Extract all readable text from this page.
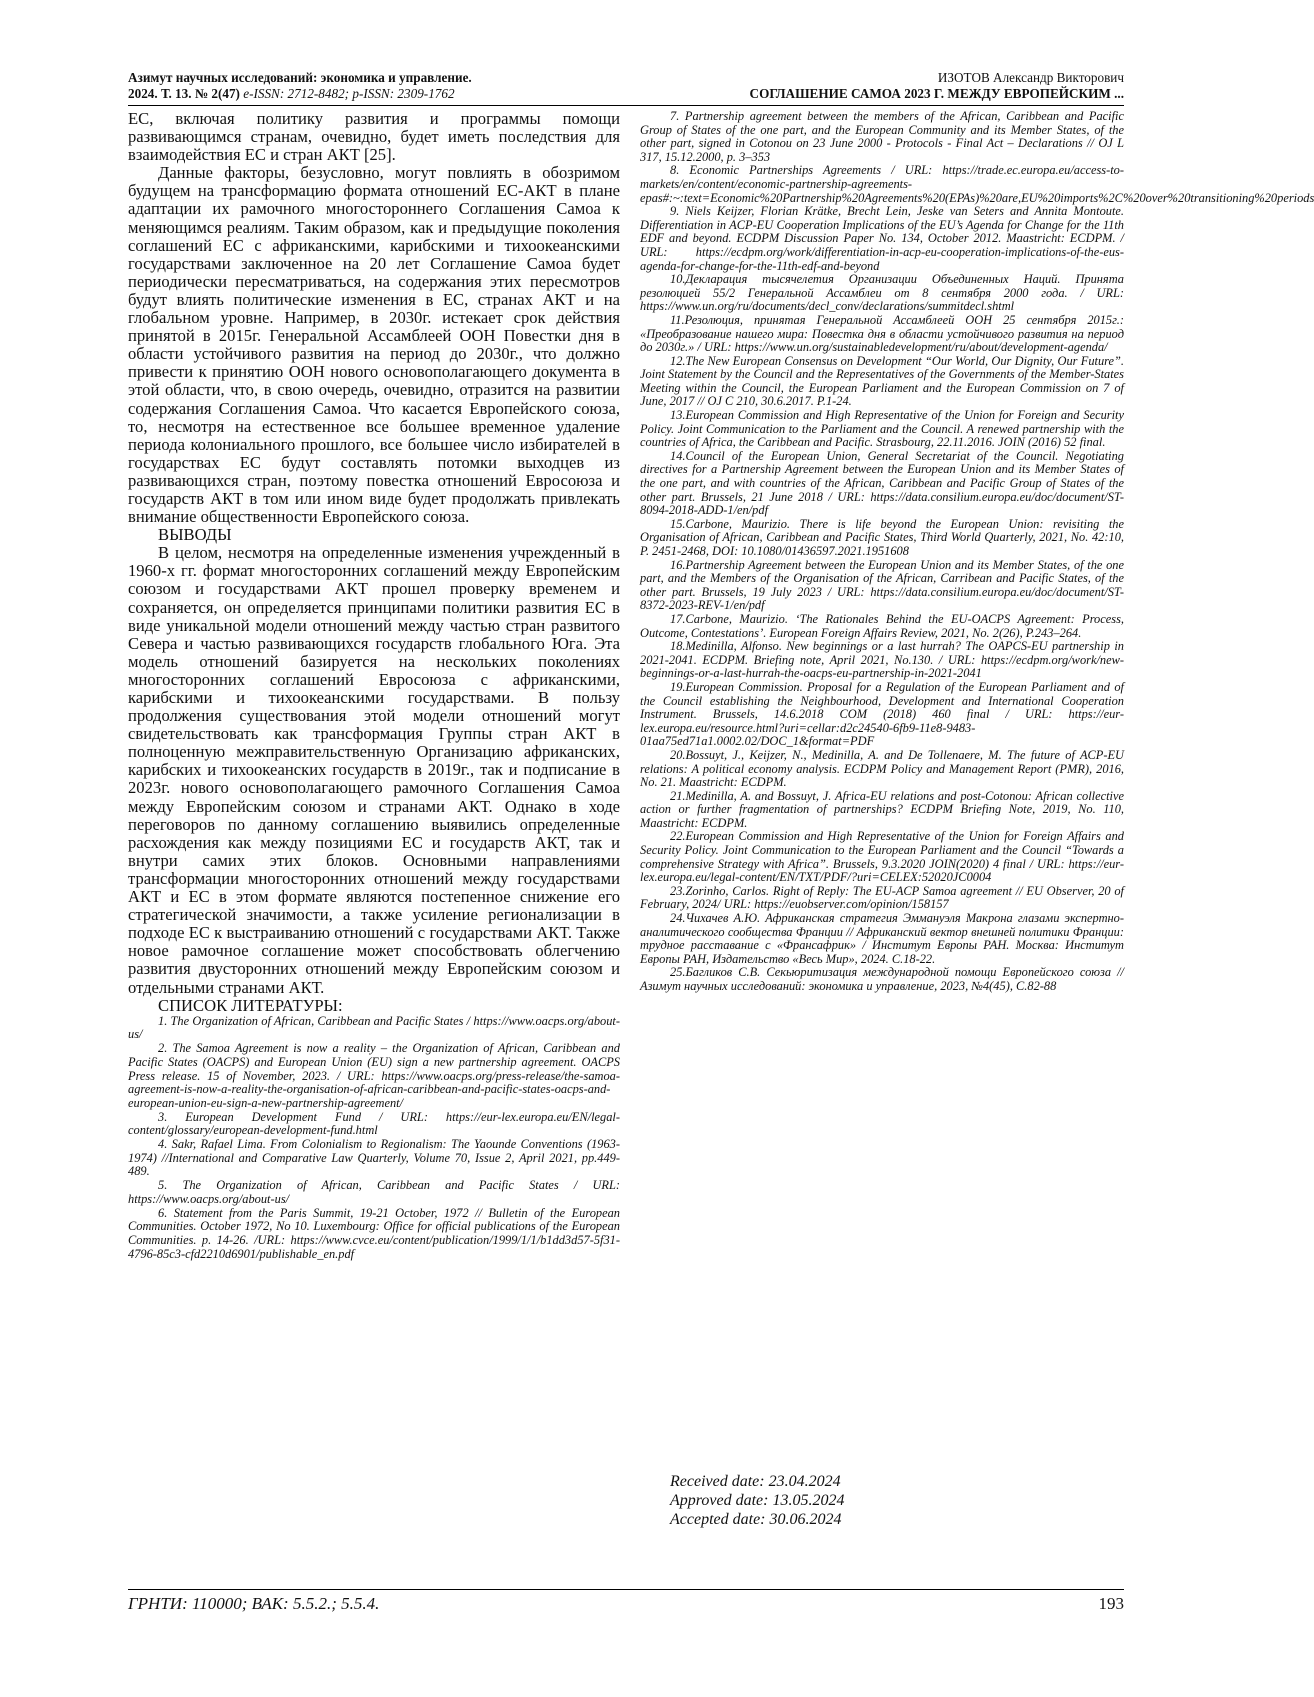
Азимут научных исследований: экономика и управление.
2024. Т. 13. № 2(47) e-ISSN: 2712-8482; p-ISSN: 2309-1762
ИЗОТОВ Александр Викторович
СОГЛАШЕНИЕ САМОА 2023 Г. МЕЖДУ ЕВРОПЕЙСКИМ ...

ЕС, включая политику развития и программы помощи развивающимся странам, очевидно, будет иметь последствия для взаимодействия ЕС и стран АКТ [25].

Данные факторы, безусловно, могут повлиять в обозримом будущем на трансформацию формата отношений ЕС-АКТ в плане адаптации их рамочного многостороннего Соглашения Самоа к меняющимся реалиям. Таким образом, как и предыдущие поколения соглашений ЕС с африканскими, карибскими и тихоокеанскими государствами заключенное на 20 лет Соглашение Самоа будет периодически пересматриваться, на содержания этих пересмотров будут влиять политические изменения в ЕС, странах АКТ и на глобальном уровне. Например, в 2030г. истекает срок действия принятой в 2015г. Генеральной Ассамблеей ООН Повестки дня в области устойчивого развития на период до 2030г., что должно привести к принятию ООН нового основополагающего документа в этой области, что, в свою очередь, очевидно, отразится на развитии содержания Соглашения Самоа. Что касается Европейского союза, то, несмотря на естественное все большее временное удаление периода колониального прошлого, все большее число избирателей в государствах ЕС будут составлять потомки выходцев из развивающихся стран, поэтому повестка отношений Евросоюза и государств АКТ в том или ином виде будет продолжать привлекать внимание общественности Европейского союза.

ВЫВОДЫ

В целом, несмотря на определенные изменения учрежденный в 1960-х гг. формат многосторонних соглашений между Европейским союзом и государствами АКТ прошел проверку временем и сохраняется, он определяется принципами политики развития ЕС в виде уникальной модели отношений между частью стран развитого Севера и частью развивающихся государств глобального Юга. Эта модель отношений базируется на нескольких поколениях многосторонних соглашений Евросоюза с африканскими, карибскими и тихоокеанскими государствами. В пользу продолжения существования этой модели отношений могут свидетельствовать как трансформация Группы стран АКТ в полноценную межправительственную Организацию африканских, карибских и тихоокеанских государств в 2019г., так и подписание в 2023г. нового основополагающего рамочного Соглашения Самоа между Европейским союзом и странами АКТ. Однако в ходе переговоров по данному соглашению выявились определенные расхождения как между позициями ЕС и государств АКТ, так и внутри самих этих блоков. Основными направлениями трансформации многосторонних отношений между государствами АКТ и ЕС в этом формате являются постепенное снижение его стратегической значимости, а также усиление регионализации в подходе ЕС к выстраиванию отношений с государствами АКТ. Также новое рамочное соглашение может способствовать облегчению развития двусторонних отношений между Европейским союзом и отдельными странами АКТ.

СПИСОК ЛИТЕРАТУРЫ:

1. The Organization of African, Caribbean and Pacific States / https://www.oacps.org/about-us/

2. The Samoa Agreement is now a reality – the Organization of African, Caribbean and Pacific States (OACPS) and European Union (EU) sign a new partnership agreement. OACPS Press release. 15 of November, 2023. / URL: https://www.oacps.org/press-release/the-samoa-agreement-is-now-a-reality-the-organisation-of-african-caribbean-and-pacific-states-oacps-and-european-union-eu-sign-a-new-partnership-agreement/

3. European Development Fund / URL: https://eur-lex.europa.eu/EN/legal-content/glossary/european-development-fund.html

4. Sakr, Rafael Lima. From Colonialism to Regionalism: The Yaounde Conventions (1963-1974) //International and Comparative Law Quarterly, Volume 70, Issue 2, April 2021, pp.449-489.

5. The Organization of African, Caribbean and Pacific States / URL: https://www.oacps.org/about-us/

6. Statement from the Paris Summit, 19-21 October, 1972 // Bulletin of the European Communities. October 1972, No 10. Luxembourg: Office for official publications of the European Communities. p. 14-26. /URL: https://www.cvce.eu/content/publication/1999/1/1/b1dd3d57-5f31-4796-85c3-cfd2210d6901/publishable_en.pdf

7. Partnership agreement between the members of the African, Caribbean and Pacific Group of States of the one part, and the European Community and its Member States, of the other part, signed in Cotonou on 23 June 2000 - Protocols - Final Act – Declarations // OJ L 317, 15.12.2000, p. 3–353

8. Economic Partnerships Agreements / URL: https://trade.ec.europa.eu/access-to-markets/en/content/economic-partnership-agreements-epas#:~:text=Economic%20Partnership%20Agreements%20(EPAs)%20are,EU%20imports%2C%20over%20transitioning%20periods

9. Niels Keijzer, Florian Krätke, Brecht Lein, Jeske van Seters and Annita Montoute. Differentiation in ACP-EU Cooperation Implications of the EU’s Agenda for Change for the 11th EDF and beyond. ECDPM Discussion Paper No. 134, October 2012. Maastricht: ECDPM. / URL: https://ecdpm.org/work/differentiation-in-acp-eu-cooperation-implications-of-the-eus-agenda-for-change-for-the-11th-edf-and-beyond

10.Декларация тысячелетия Организации Объединенных Наций. Принята резолюцией 55/2 Генеральной Ассамблеи от 8 сентября 2000 года. / URL: https://www.un.org/ru/documents/decl_conv/declarations/summitdecl.shtml

11.Резолюция, принятая Генеральной Ассамблеей ООН 25 сентября 2015г.: «Преобразование нашего мира: Повестка дня в области устойчивого развития на период до 2030г.» / URL: https://www.un.org/sustainabledevelopment/ru/about/development-agenda/

12.The New European Consensus on Development “Our World, Our Dignity, Our Future”. Joint Statement by the Council and the Representatives of the Governments of the Member-States Meeting within the Council, the European Parliament and the European Commission on 7 of June, 2017 // OJ C 210, 30.6.2017. P.1-24.

13.European Commission and High Representative of the Union for Foreign and Security Policy. Joint Communication to the Parliament and the Council. A renewed partnership with the countries of Africa, the Caribbean and Pacific. Strasbourg, 22.11.2016. JOIN (2016) 52 final.

14.Council of the European Union, General Secretariat of the Council. Negotiating directives for a Partnership Agreement between the European Union and its Member States of the one part, and with countries of the African, Caribbean and Pacific Group of States of the other part. Brussels, 21 June 2018 / URL: https://data.consilium.europa.eu/doc/document/ST-8094-2018-ADD-1/en/pdf

15.Carbone, Maurizio. There is life beyond the European Union: revisiting the Organisation of African, Caribbean and Pacific States, Third World Quarterly, 2021, No. 42:10, P. 2451-2468, DOI: 10.1080/01436597.2021.1951608

16.Partnership Agreement between the European Union and its Member States, of the one part, and the Members of the Organisation of the African, Carribean and Pacific States, of the other part. Brussels, 19 July 2023 / URL: https://data.consilium.europa.eu/doc/document/ST-8372-2023-REV-1/en/pdf

17.Carbone, Maurizio. ‘The Rationales Behind the EU-OACPS Agreement: Process, Outcome, Contestations’. European Foreign Affairs Review, 2021, No. 2(26), P.243–264.

18.Medinilla, Alfonso. New beginnings or a last hurrah? The OAPCS-EU partnership in 2021-2041. ECDPM. Briefing note, April 2021, No.130. / URL: https://ecdpm.org/work/new-beginnings-or-a-last-hurrah-the-oacps-eu-partnership-in-2021-2041

19.European Commission. Proposal for a Regulation of the European Parliament and of the Council establishing the Neighbourhood, Development and International Cooperation Instrument. Brussels, 14.6.2018 COM (2018) 460 final / URL: https://eur-lex.europa.eu/resource.html?uri=cellar:d2c24540-6fb9-11e8-9483-01aa75ed71a1.0002.02/DOC_1&format=PDF

20.Bossuyt, J., Keijzer, N., Medinilla, A. and De Tollenaere, M. The future of ACP-EU relations: A political economy analysis. ECDPM Policy and Management Report (PMR), 2016, No. 21. Maastricht: ECDPM.

21.Medinilla, A. and Bossuyt, J. Africa-EU relations and post-Cotonou: African collective action or further fragmentation of partnerships? ECDPM Briefing Note, 2019, No. 110, Maastricht: ECDPM.

22.European Commission and High Representative of the Union for Foreign Affairs and Security Policy. Joint Communication to the European Parliament and the Council “Towards a comprehensive Strategy with Africa”. Brussels, 9.3.2020 JOIN(2020) 4 final / URL: https://eur-lex.europa.eu/legal-content/EN/TXT/PDF/?uri=CELEX:52020JC0004

23.Zorinho, Carlos. Right of Reply: The EU-ACP Samoa agreement // EU Observer, 20 of February, 2024/ URL: https://euobserver.com/opinion/158157

24.Чихачев А.Ю. Африканская стратегия Эммануэля Макрона глазами экспертно-аналитического сообщества Франции // Африканский вектор внешней политики Франции: трудное расставание с «Франсафрик» / Институт Европы РАН. Москва: Институт Европы РАН, Издательство «Весь Мир», 2024. С.18-22.

25.Багликов С.В. Секьюритизация международной помощи Европейского союза // Азимут научных исследований: экономика и управление, 2023, №4(45), С.82-88

Received date: 23.04.2024
Approved date: 13.05.2024
Accepted date: 30.06.2024
ГРНТИ: 110000; ВАК: 5.5.2.; 5.5.4.	193
